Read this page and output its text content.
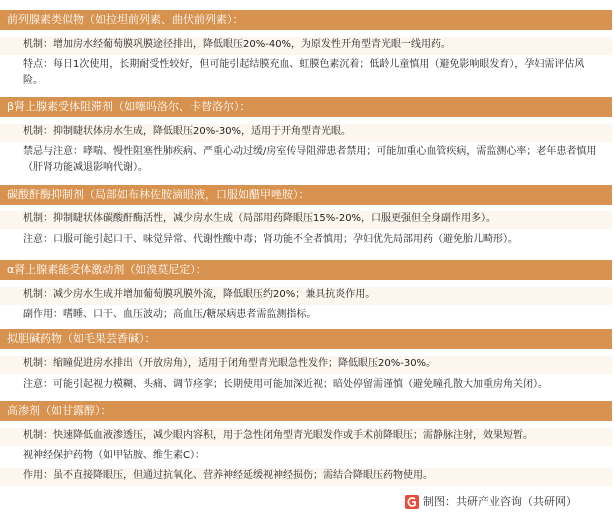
前列腺素类似物（如拉坦前列素、曲伏前列素）：
机制：增加房水经葡萄膜巩膜途径排出，降低眼压20%-40%，为原发性开角型青光眼一线用药。
特点：每日1次使用，长期耐受性较好，但可能引起结膜充血、虹膜色素沉着；低龄儿童慎用（避免影响眼发育），孕妇需评估风险。
β肾上腺素受体阻滞剂（如噻吗洛尔、卡替洛尔）：
机制：抑制睫状体房水生成，降低眼压20%-30%，适用于开角型青光眼。
禁忌与注意：哮喘、慢性阻塞性肺疾病、严重心动过缓/房室传导阻滞患者禁用；可能加重心血管疾病，需监测心率；老年患者慎用（肝肾功能减退影响代谢）。
碳酸酐酶抑制剂（局部如布林佐胺滴眼液，口服如醋甲唑胺）：
机制：抑制睫状体碳酸酐酶活性，减少房水生成（局部用药降眼压15%-20%，口服更强但全身副作用多）。
注意：口服可能引起口干、味觉异常、代谢性酸中毒；肾功能不全者慎用；孕妇优先局部用药（避免胎儿畸形）。
α肾上腺素能受体激动剂（如溴莫尼定）：
机制：减少房水生成并增加葡萄膜巩膜外流，降低眼压约20%；兼具抗炎作用。
副作用：嗜睡、口干、血压波动；高血压/糖尿病患者需监测指标。
拟胆碱药物（如毛果芸香碱）：
机制：缩瞳促进房水排出（开放房角），适用于闭角型青光眼急性发作；降低眼压20%-30%。
注意：可能引起视力模糊、头痛、调节痉挛；长期使用可能加深近视；暗处停留需谨慎（避免瞳孔散大加重房角关闭）。
高渗剂（如甘露醇）：
机制：快速降低血液渗透压，减少眼内容积，用于急性闭角型青光眼发作或手术前降眼压；需静脉注射，效果短暂。
视神经保护药物（如甲钴胺、维生素C）：
作用：虽不直接降眼压，但通过抗氧化、营养神经延缓视神经损伤；需结合降眼压药物使用。
制图：共研产业咨询（共研网）
